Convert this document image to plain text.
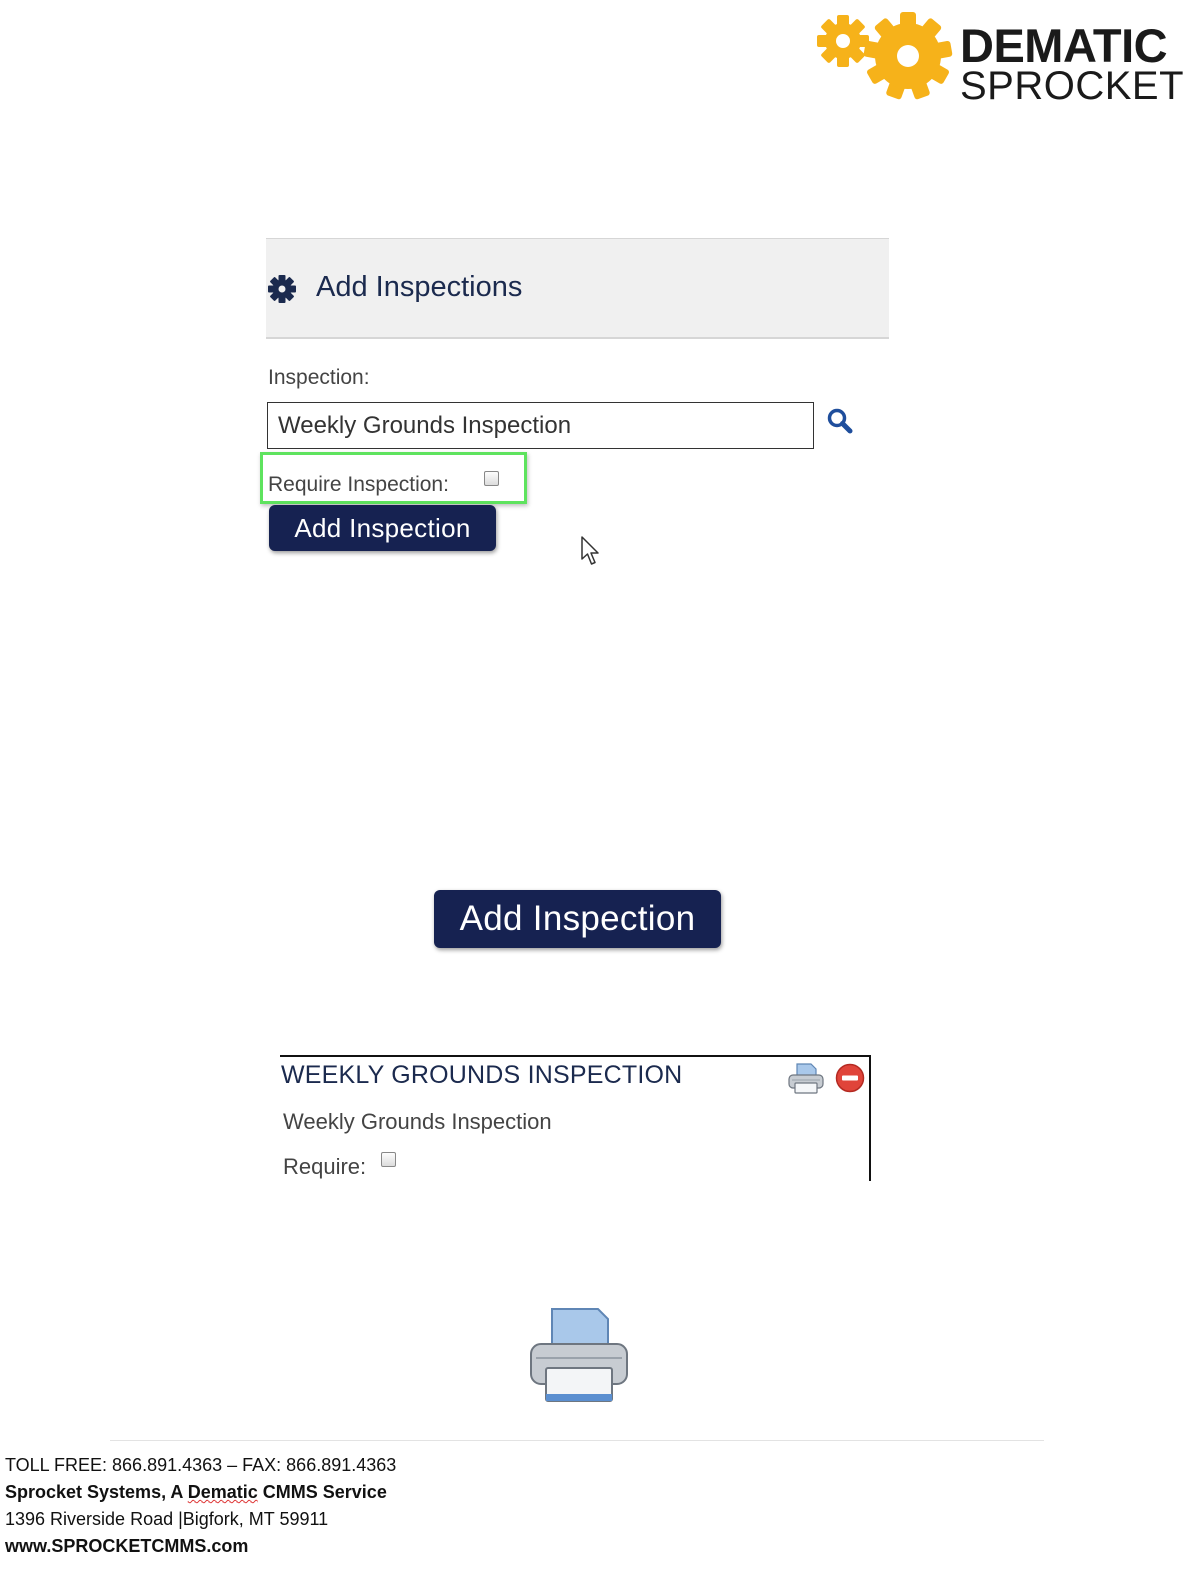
DEMATIC
SPROCKET
Add Inspections
Inspection:
Weekly Grounds Inspection
Require Inspection:
Add Inspection
Add Inspection
WEEKLY GROUNDS INSPECTION
Weekly Grounds Inspection
Require:
TOLL FREE: 866.891.4363 – FAX: 866.891.4363
Sprocket Systems, A Dematic CMMS Service
1396 Riverside Road |Bigfork, MT 59911
www.SPROCKETCMMS.com
